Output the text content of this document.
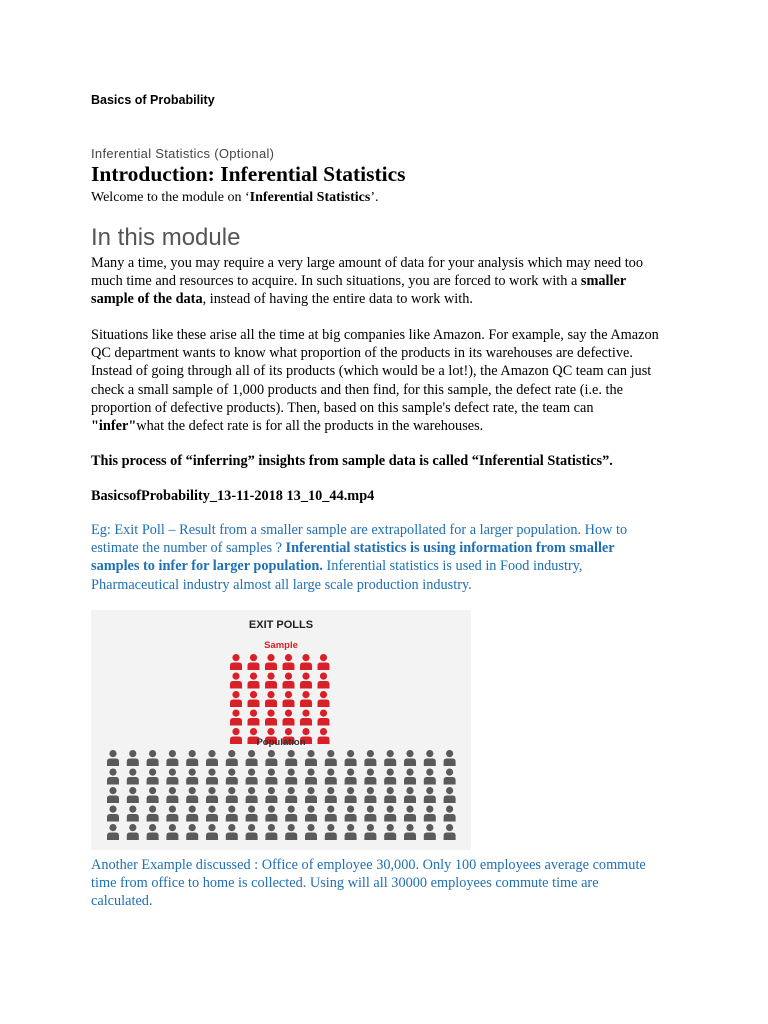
Basics of Probability
Inferential Statistics (Optional)
Introduction: Inferential Statistics
Welcome to the module on ‘Inferential Statistics’.
In this module

Many a time, you may require a very large amount of data for your analysis which may need too much time and resources to acquire. In such situations, you are forced to work with a smaller sample of the data, instead of having the entire data to work with.

Situations like these arise all the time at big companies like Amazon. For example, say the Amazon QC department wants to know what proportion of the products in its warehouses are defective. Instead of going through all of its products (which would be a lot!), the Amazon QC team can just check a small sample of 1,000 products and then find, for this sample, the defect rate (i.e. the proportion of defective products). Then, based on this sample's defect rate, the team can "infer"what the defect rate is for all the products in the warehouses.

This process of “inferring” insights from sample data is called “Inferential Statistics”.

BasicsofProbability_13-11-2018 13_10_44.mp4

Eg: Exit Poll – Result from a smaller sample are extrapollated for a larger population. How to estimate the number of samples ? Inferential statistics is using information from smaller samples to infer for larger population. Inferential statistics is used in Food industry, Pharmaceutical industry almost all large scale production industry.

EXIT POLLS
Sample
Population

Another Example discussed : Office of employee 30,000. Only 100 employees average commute time from office to home is collected. Using will all 30000 employees commute time are calculated.
